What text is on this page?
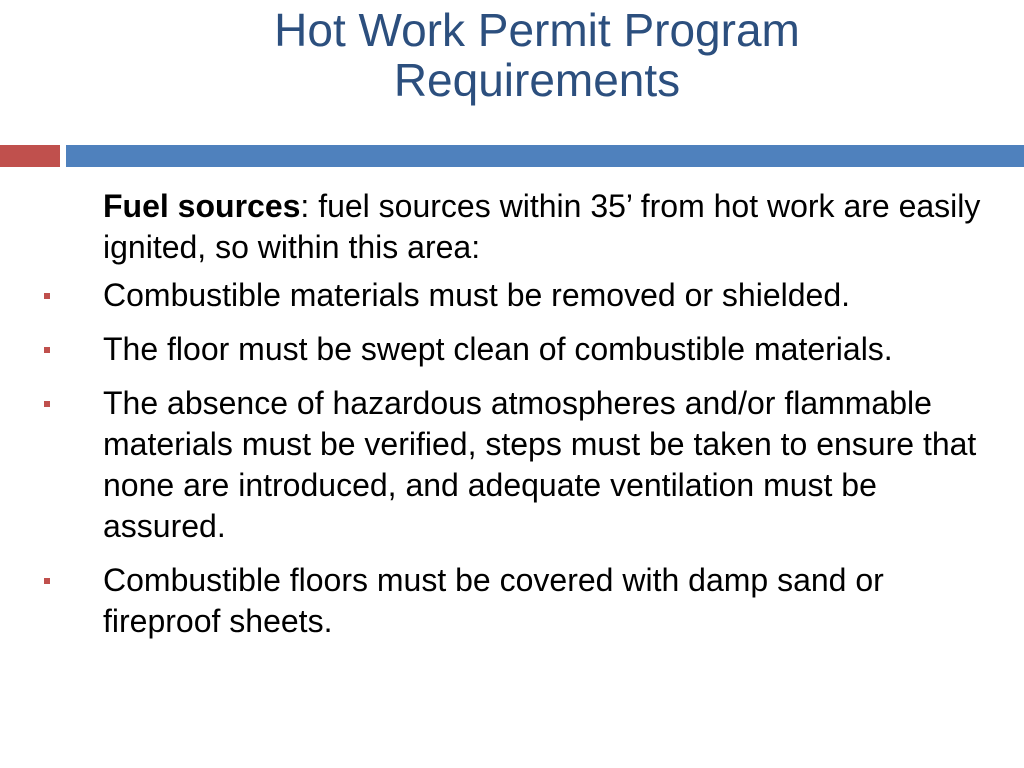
Hot Work Permit Program
Requirements
Fuel sources: fuel sources within 35’ from hot work are easily ignited, so within this area:
Combustible materials must be removed or shielded.
The floor must be swept clean of combustible materials.
The absence of hazardous atmospheres and/or flammable materials must be verified, steps must be taken to ensure that none are introduced, and adequate ventilation must be assured.
Combustible floors must be covered with damp sand or fireproof sheets.
